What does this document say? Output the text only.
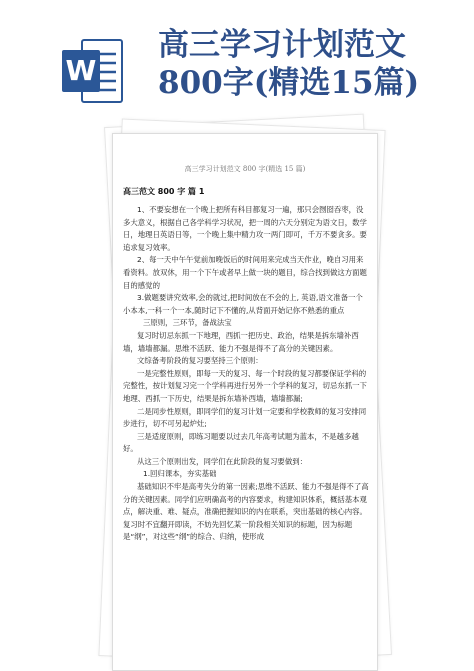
W
高三学习计划范文
800字(精选15篇)
高三学习计划范文 800 字(精选 15 篇)
高三范文 800 字 篇 1

1、不要妄想在一个晚上把所有科目都复习一遍，那只会囫囵吞枣，没多大意义，根据自己各学科学习状况，把一周的六天分别定为语文日，数学日，地理日英语日等，一个晚上集中精力攻一两门即可，千万不要贪多。要追求复习效率。

2、每一天中午午觉前加晚饭后的时间用来完成当天作业，晚自习用来看资料。放双休，用一个下午或者早上做一块的题目，综合找到做这方面题目的感觉的

3.做题要讲究效率,会的就过,把时间放在不会的上, 英语,语文准备一个小本本,一科一个一本,随时记下不懂的,从背面开始记你不熟悉的重点

三原则，三环节，备战法宝

复习时切忌东抓一下地理，西抓一把历史、政治，结果是拆东墙补西墙，墙墙都漏。思维不活跃、能力不强是得不了高分的关键因素。

文综备考阶段的复习要坚持三个原则：

一是完整性原则，即每一天的复习、每一个时段的复习都要保证学科的完整性，按计划复习完一个学科再进行另外一个学科的复习，切忌东抓一下地理、西抓一下历史，结果是拆东墙补西墙，墙墙都漏;

二是同步性原则，即同学们的复习计划一定要和学校教师的复习安排同步进行，切不可另起炉灶;

三是适度原则，即练习题要以过去几年高考试题为蓝本，不是越多越好。

从这三个原则出发，同学们在此阶段的复习要做到：

1.回归课本，夯实基础

基础知识不牢是高考失分的第一因素;思维不活跃、能力不强是得不了高分的关键因素。同学们应明确高考的内容要求，构建知识体系，概括基本观点，解决重、难、疑点，准确把握知识的内在联系，突出基础的核心内容。复习时不宜翻开即读，不妨先回忆某一阶段相关知识的标题，因为标题是“纲”，对这些“纲”的综合、归纳，使形成
